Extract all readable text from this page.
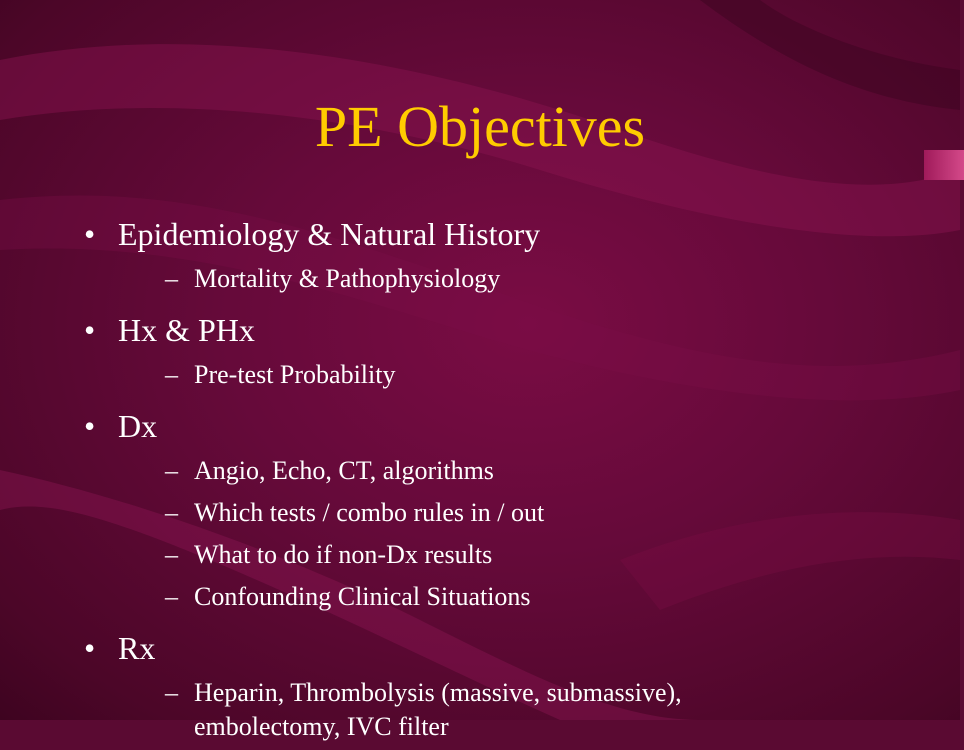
PE Objectives
• Epidemiology & Natural History
– Mortality & Pathophysiology
• Hx & PHx
– Pre-test Probability
• Dx
– Angio, Echo, CT, algorithms
– Which tests / combo rules in / out
– What to do if non-Dx results
– Confounding Clinical Situations
• Rx
– Heparin, Thrombolysis (massive, submassive), embolectomy, IVC filter
